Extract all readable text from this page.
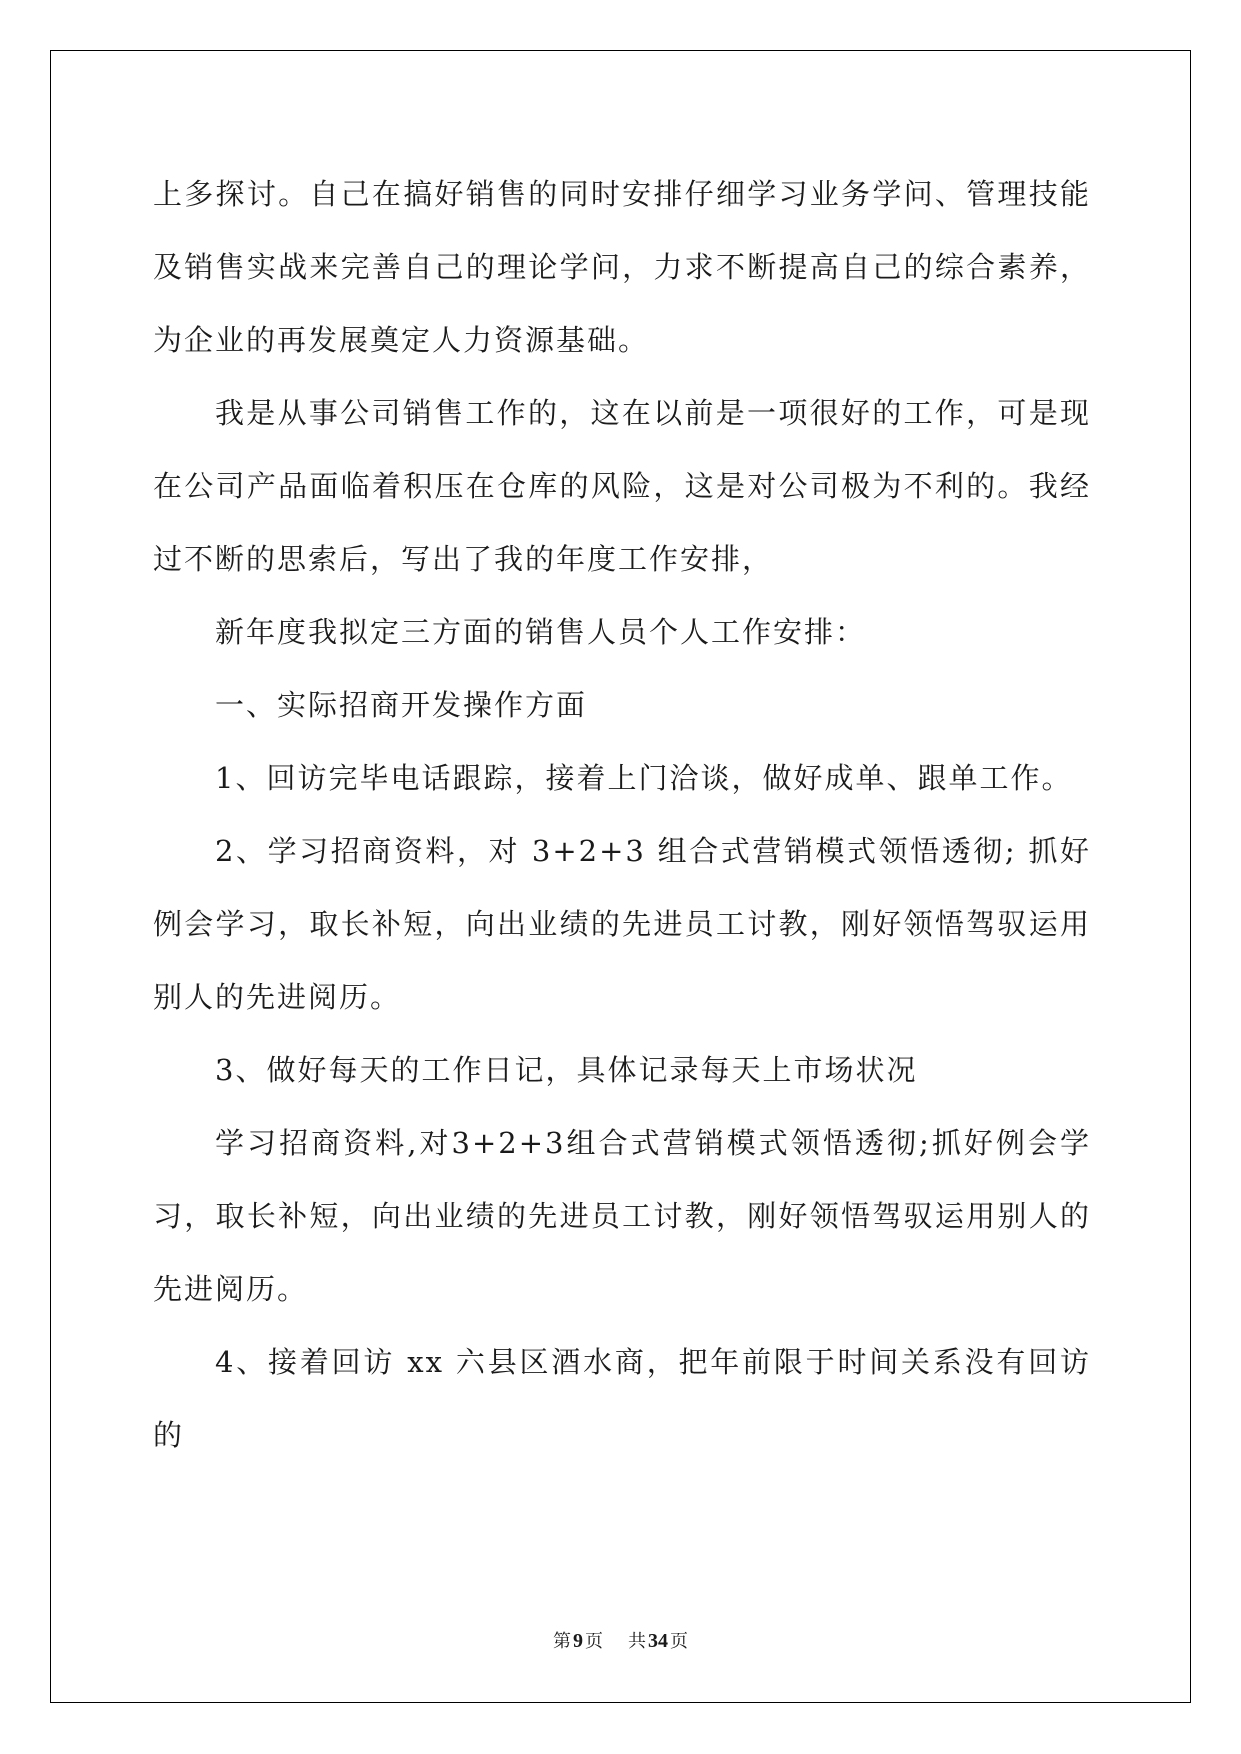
上多探讨。自己在搞好销售的同时安排仔细学习业务学问、管理技能及销售实战来完善自己的理论学问，力求不断提高自己的综合素养，为企业的再发展奠定人力资源基础。

我是从事公司销售工作的，这在以前是一项很好的工作，可是现在公司产品面临着积压在仓库的风险，这是对公司极为不利的。我经过不断的思索后，写出了我的年度工作安排，

新年度我拟定三方面的销售人员个人工作安排：

一、实际招商开发操作方面

1、回访完毕电话跟踪，接着上门洽谈，做好成单、跟单工作。

2、学习招商资料，对 3+2+3 组合式营销模式领悟透彻; 抓好例会学习，取长补短，向出业绩的先进员工讨教，刚好领悟驾驭运用别人的先进阅历。

3、做好每天的工作日记，具体记录每天上市场状况

学习招商资料,对3+2+3组合式营销模式领悟透彻;抓好例会学习，取长补短，向出业绩的先进员工讨教，刚好领悟驾驭运用别人的先进阅历。

4、接着回访 xx 六县区酒水商，把年前限于时间关系没有回访的

第 9 页 共 34 页
